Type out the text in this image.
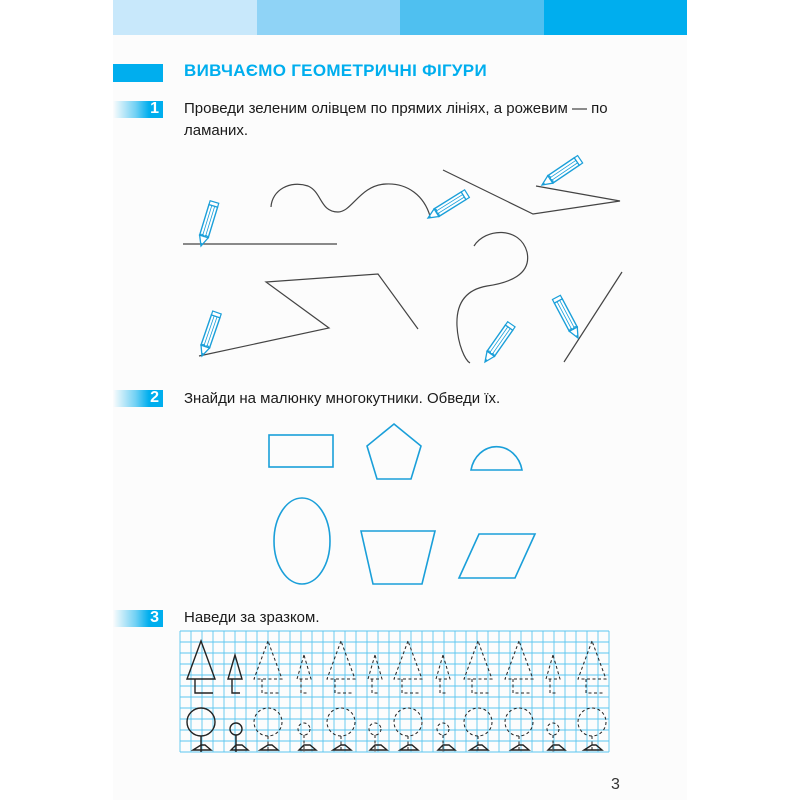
ВИВЧАЄМО ГЕОМЕТРИЧНІ ФІГУРИ
1 Проведи зеленим олівцем по прямих лініях, а рожевим — по ламаних.
2 Знайди на малюнку многокутники. Обведи їх.
3 Наведи за зразком.
3
